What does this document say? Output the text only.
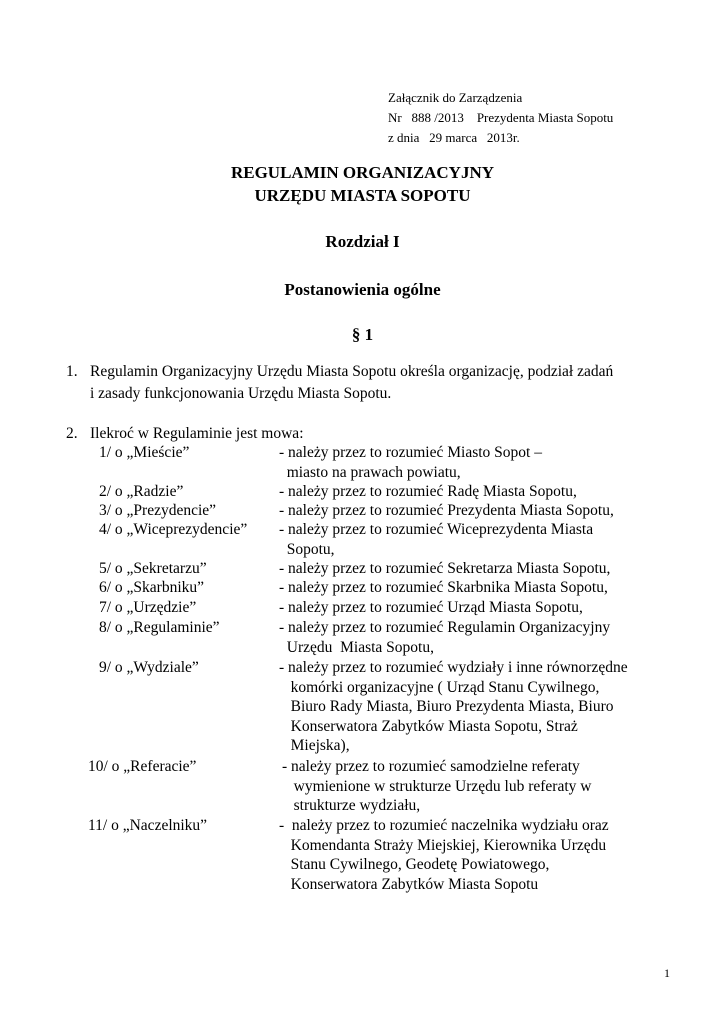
Załącznik do Zarządzenia
Nr   888 /2013    Prezydenta Miasta Sopotu
z dnia   29 marca   2013r.
REGULAMIN ORGANIZACYJNY
URZĘDU MIASTA SOPOTU
Rozdział I
Postanowienia ogólne
§ 1
1. Regulamin Organizacyjny Urzędu Miasta Sopotu określa organizację, podział zadań
i zasady funkcjonowania Urzędu Miasta Sopotu.
2. Ilekroć w Regulaminie jest mowa:
1/ o „Mieście”	- należy przez to rozumieć Miasto Sopot –
miasto na prawach powiatu,
2/ o „Radzie”	- należy przez to rozumieć Radę Miasta Sopotu,
3/ o „Prezydencie”	- należy przez to rozumieć Prezydenta Miasta Sopotu,
4/ o „Wiceprezydencie” - należy przez to rozumieć Wiceprezydenta Miasta
Sopotu,
5/ o „Sekretarzu”	- należy przez to rozumieć Sekretarza Miasta Sopotu,
6/ o „Skarbniku”	- należy przez to rozumieć Skarbnika Miasta Sopotu,
7/ o „Urzędzie”	- należy przez to rozumieć Urząd Miasta Sopotu,
8/ o „Regulaminie”	- należy przez to rozumieć Regulamin Organizacyjny
Urzędu  Miasta Sopotu,
9/ o „Wydziale”	- należy przez to rozumieć wydziały i inne równorzędne
komórki organizacyjne ( Urząd Stanu Cywilnego,
Biuro Rady Miasta, Biuro Prezydenta Miasta, Biuro
Konserwatora Zabytków Miasta Sopotu, Straż
Miejska),
10/ o „Referacie”	- należy przez to rozumieć samodzielne referaty
wymienione w strukturze Urzędu lub referaty w
strukturze wydziału,
11/ o „Naczelniku”	-  należy przez to rozumieć naczelnika wydziału oraz
Komendanta Straży Miejskiej, Kierownika Urzędu
Stanu Cywilnego, Geodetę Powiatowego,
Konserwatora Zabytków Miasta Sopotu
1
